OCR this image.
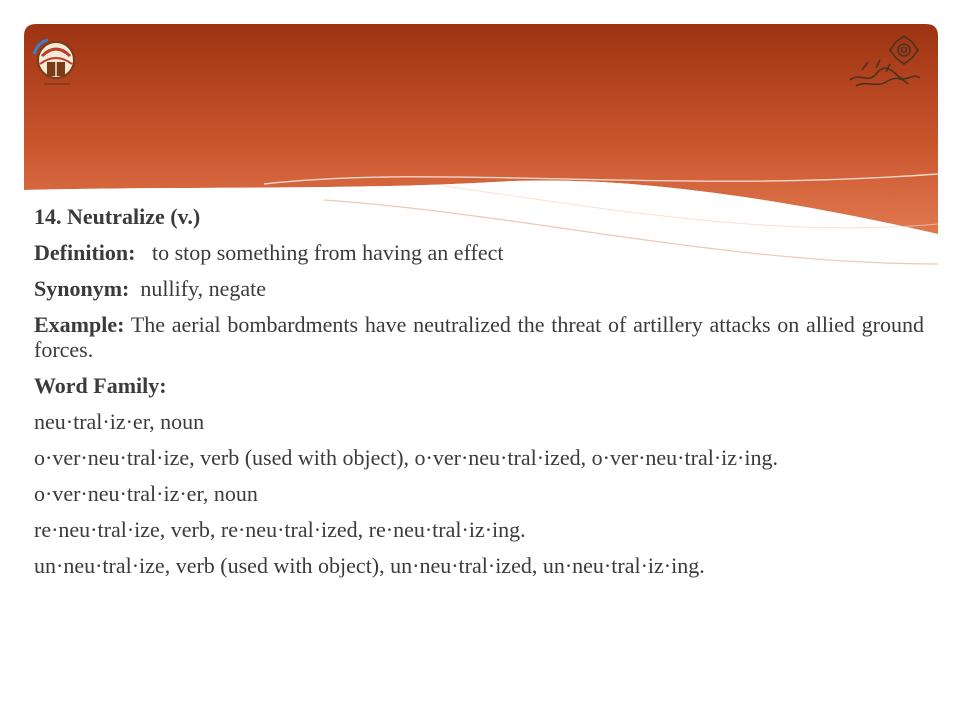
14. Neutralize (v.)

Definition: to stop something from having an effect

Synonym: nullify, negate

Example: The aerial bombardments have neutralized the threat of artillery attacks on allied ground forces.

Word Family:

neu·tral·iz·er, noun

o·ver·neu·tral·ize, verb (used with object), o·ver·neu·tral·ized, o·ver·neu·tral·iz·ing.

o·ver·neu·tral·iz·er, noun

re·neu·tral·ize, verb, re·neu·tral·ized, re·neu·tral·iz·ing.

un·neu·tral·ize, verb (used with object), un·neu·tral·ized, un·neu·tral·iz·ing.
